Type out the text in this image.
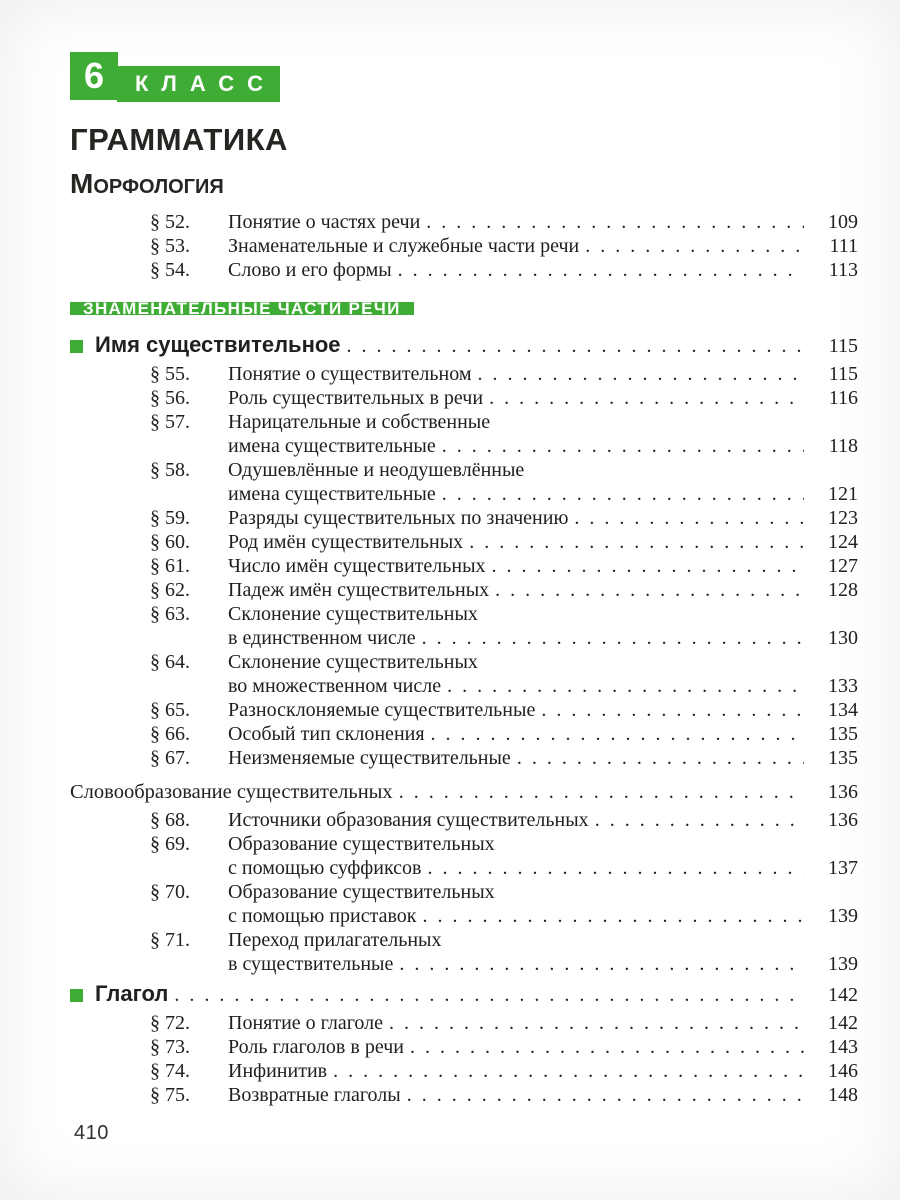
6	КЛАСС
ГРАММАТИКА
Морфология
§ 52.	Понятие о частях речи . . .	109
§ 53.	Знаменательные и служебные части речи . . .	111
§ 54.	Слово и его формы . . .	113
ЗНАМЕНАТЕЛЬНЫЕ ЧАСТИ РЕЧИ
Имя существительное . . .	115
§ 55.	Понятие о существительном . . .	115
§ 56.	Роль существительных в речи . . .	116
§ 57.	Нарицательные и собственные
имена существительные . . .	118
§ 58.	Одушевлённые и неодушевлённые
имена существительные . . .	121
§ 59.	Разряды существительных по значению . . .	123
§ 60.	Род имён существительных . . .	124
§ 61.	Число имён существительных . . .	127
§ 62.	Падеж имён существительных . . .	128
§ 63.	Склонение существительных
в единственном числе . . .	130
§ 64.	Склонение существительных
во множественном числе . . .	133
§ 65.	Разносклоняемые существительные . . .	134
§ 66.	Особый тип склонения . . .	135
§ 67.	Неизменяемые существительные . . .	135
Словообразование существительных . . .	136
§ 68.	Источники образования существительных . . .	136
§ 69.	Образование существительных
с помощью суффиксов . . .	137
§ 70.	Образование существительных
с помощью приставок . . .	139
§ 71.	Переход прилагательных
в существительные . . .	139
Глагол . . .	142
§ 72.	Понятие о глаголе . . .	142
§ 73.	Роль глаголов в речи . . .	143
§ 74.	Инфинитив . . .	146
§ 75.	Возвратные глаголы . . .	148
410
